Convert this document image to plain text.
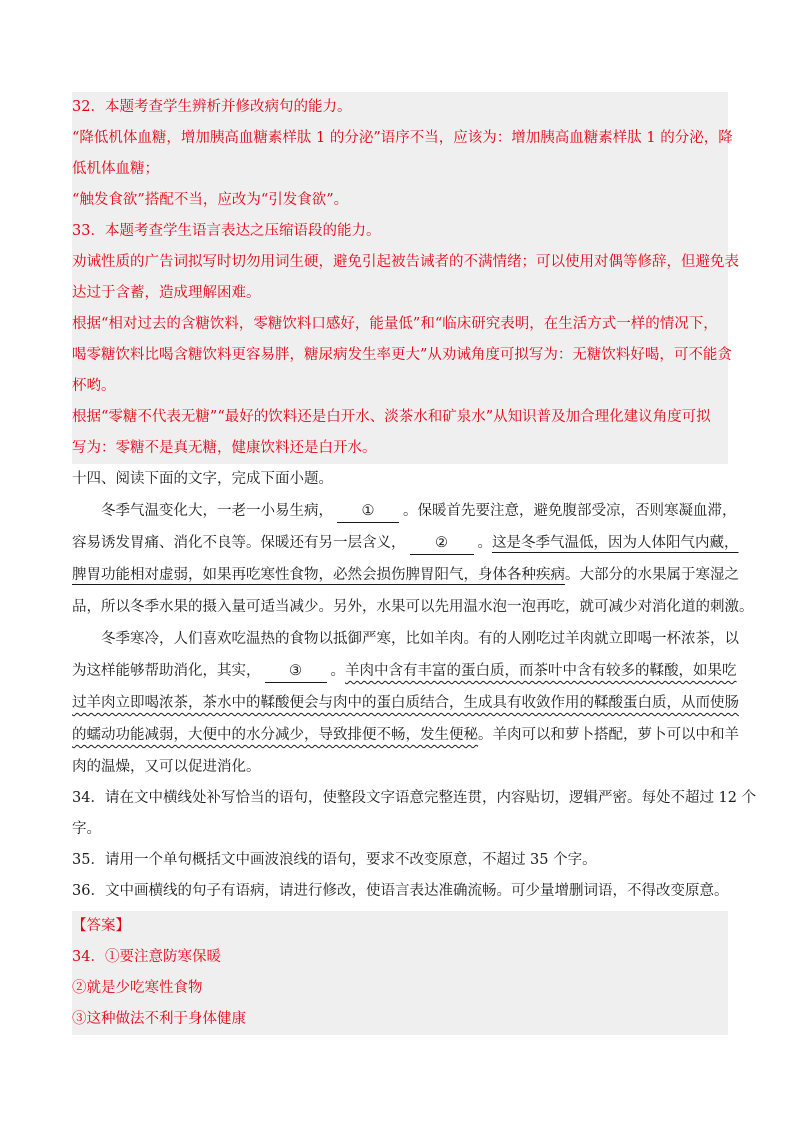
32．本题考查学生辨析并修改病句的能力。
“降低机体血糖，增加胰高血糖素样肽 1 的分泌”语序不当，应该为：增加胰高血糖素样肽 1 的分泌，降
低机体血糖；
“触发食欲”搭配不当，应改为“引发食欲”。
33．本题考查学生语言表达之压缩语段的能力。
劝诫性质的广告词拟写时切勿用词生硬，避免引起被告诫者的不满情绪；可以使用对偶等修辞，但避免表
达过于含蓄，造成理解困难。
根据“相对过去的含糖饮料，零糖饮料口感好，能量低”和“临床研究表明，在生活方式一样的情况下，
喝零糖饮料比喝含糖饮料更容易胖，糖尿病发生率更大”从劝诫角度可拟写为：无糖饮料好喝，可不能贪
杯哟。
根据“零糖不代表无糖”“最好的饮料还是白开水、淡茶水和矿泉水”从知识普及加合理化建议角度可拟
写为：零糖不是真无糖，健康饮料还是白开水。
十四、阅读下面的文字，完成下面小题。

冬季气温变化大，一老一小易生病， ① 。保暖首先要注意，避免腹部受凉，否则寒凝血滞，

容易诱发胃痛、消化不良等。保暖还有另一层含义， ② 。这是冬季气温低，因为人体阳气内藏，

脾胃功能相对虚弱，如果再吃寒性食物，必然会损伤脾胃阳气，身体各种疾病。大部分的水果属于寒湿之

品，所以冬季水果的摄入量可适当减少。另外，水果可以先用温水泡一泡再吃，就可减少对消化道的刺激。

冬季寒冷，人们喜欢吃温热的食物以抵御严寒，比如羊肉。有的人刚吃过羊肉就立即喝一杯浓茶，以

为这样能够帮助消化，其实， ③ 。羊肉中含有丰富的蛋白质，而茶叶中含有较多的鞣酸，如果吃

过羊肉立即喝浓茶，茶水中的鞣酸便会与肉中的蛋白质结合，生成具有收敛作用的鞣酸蛋白质，从而使肠

的蠕动功能减弱，大便中的水分减少，导致排便不畅，发生便秘。羊肉可以和萝卜搭配，萝卜可以中和羊

肉的温燥，又可以促进消化。

34．请在文中横线处补写恰当的语句，使整段文字语意完整连贯，内容贴切，逻辑严密。每处不超过 12 个
字。
35．请用一个单句概括文中画波浪线的语句，要求不改变原意，不超过 35 个字。
36．文中画横线的句子有语病，请进行修改，使语言表达准确流畅。可少量增删词语，不得改变原意。
【答案】
34．①要注意防寒保暖
②就是少吃寒性食物
③这种做法不利于身体健康
